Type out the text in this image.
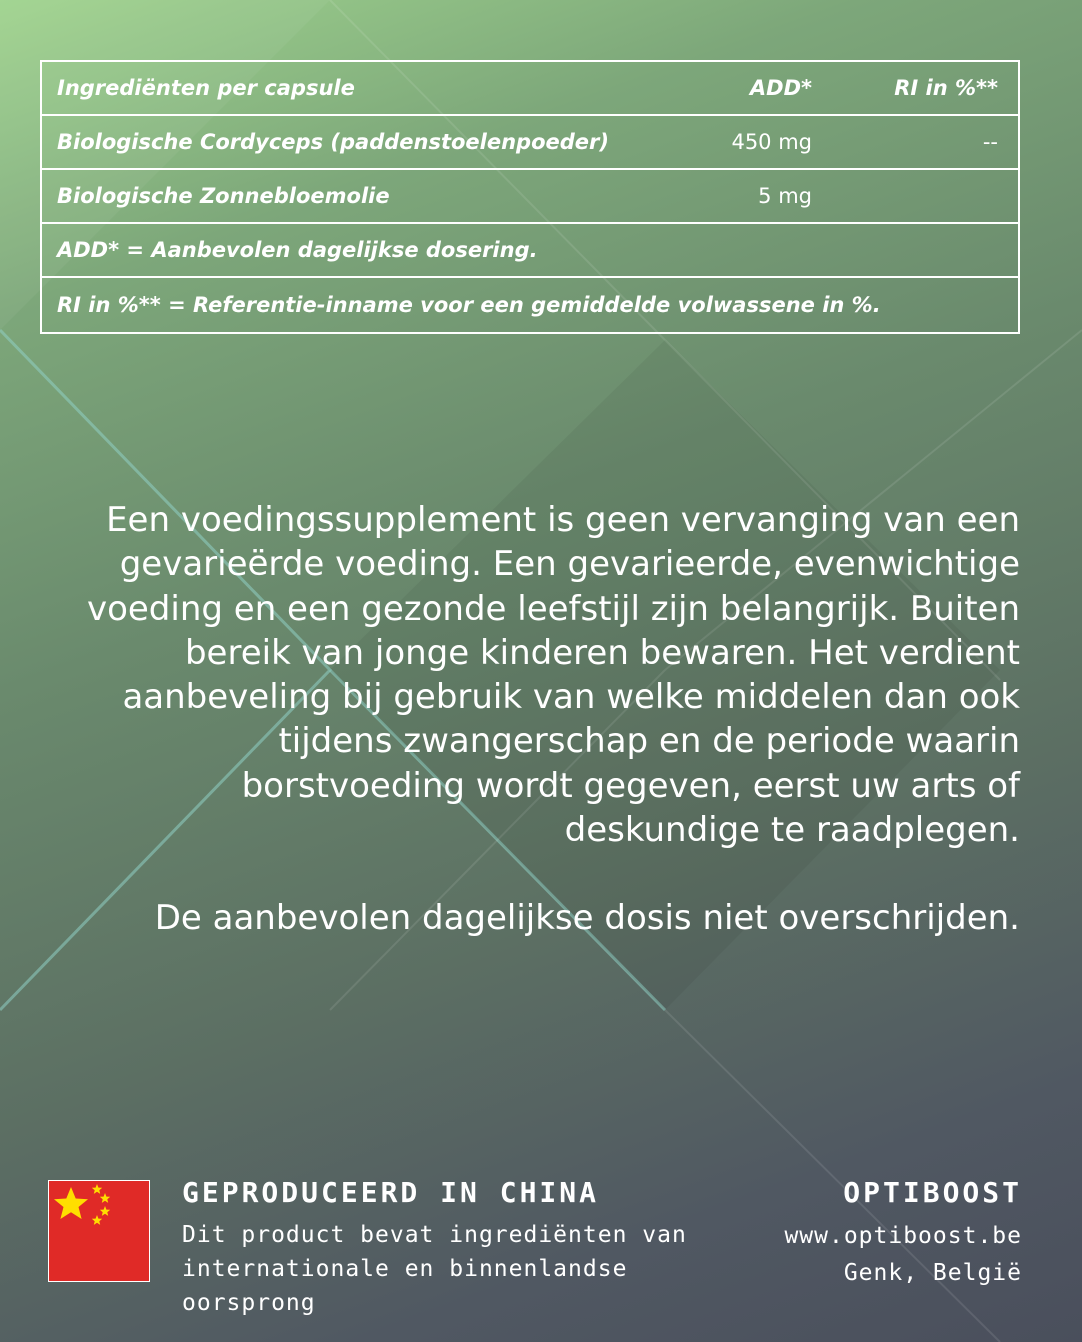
Ingrediënten per capsule	ADD*	RI in %**
Biologische Cordyceps (paddenstoelenpoeder)	450 mg	--
Biologische Zonnebloemolie	5 mg
ADD* = Aanbevolen dagelijkse dosering.
RI in %** = Referentie-inname voor een gemiddelde volwassene in %.

Een voedingssupplement is geen vervanging van een
gevarieërde voeding. Een gevarieerde, evenwichtige
voeding en een gezonde leefstijl zijn belangrijk. Buiten
bereik van jonge kinderen bewaren. Het verdient
aanbeveling bij gebruik van welke middelen dan ook
tijdens zwangerschap en de periode waarin
borstvoeding wordt gegeven, eerst uw arts of
deskundige te raadplegen.

De aanbevolen dagelijkse dosis niet overschrijden.

GEPRODUCEERD IN CHINA
Dit product bevat ingrediënten van
internationale en binnenlandse oorsprong
OPTIBOOST
www.optiboost.be
Genk, België
